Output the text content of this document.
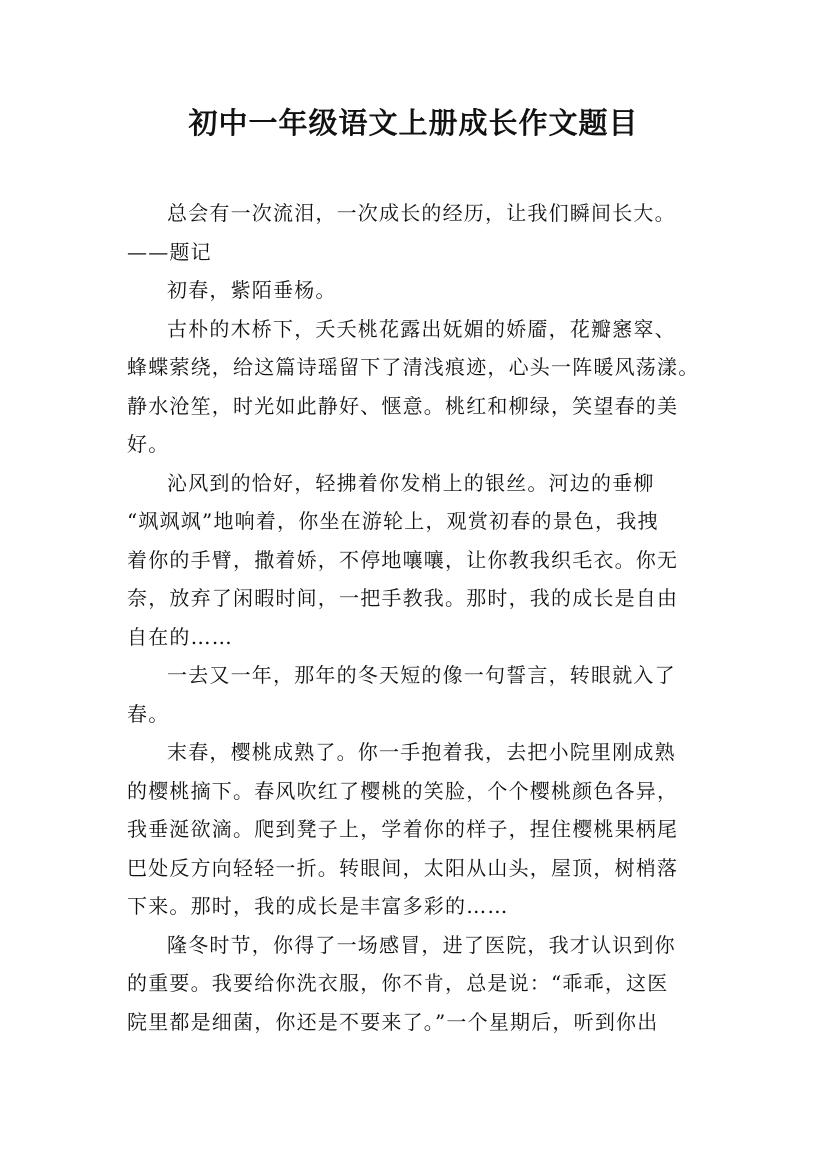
初中一年级语文上册成长作文题目

总会有一次流泪，一次成长的经历，让我们瞬间长大。

——题记

初春，紫陌垂杨。

古朴的木桥下，夭夭桃花露出妩媚的娇靥，花瓣窸窣、
蜂蝶萦绕，给这篇诗瑶留下了清浅痕迹，心头一阵暖风荡漾。
静水沧笙，时光如此静好、惬意。桃红和柳绿，笑望春的美
好。

沁风到的恰好，轻拂着你发梢上的银丝。河边的垂柳
“飒飒飒”地响着，你坐在游轮上，观赏初春的景色，我拽
着你的手臂，撒着娇，不停地嚷嚷，让你教我织毛衣。你无
奈，放弃了闲暇时间，一把手教我。那时，我的成长是自由
自在的……

一去又一年，那年的冬天短的像一句誓言，转眼就入了
春。

末春，樱桃成熟了。你一手抱着我，去把小院里刚成熟
的樱桃摘下。春风吹红了樱桃的笑脸，个个樱桃颜色各异，
我垂涎欲滴。爬到凳子上，学着你的样子，捏住樱桃果柄尾
巴处反方向轻轻一折。转眼间，太阳从山头，屋顶，树梢落
下来。那时，我的成长是丰富多彩的……

隆冬时节，你得了一场感冒，进了医院，我才认识到你
的重要。我要给你洗衣服，你不肯，总是说：“乖乖，这医
院里都是细菌，你还是不要来了。”一个星期后，听到你出
